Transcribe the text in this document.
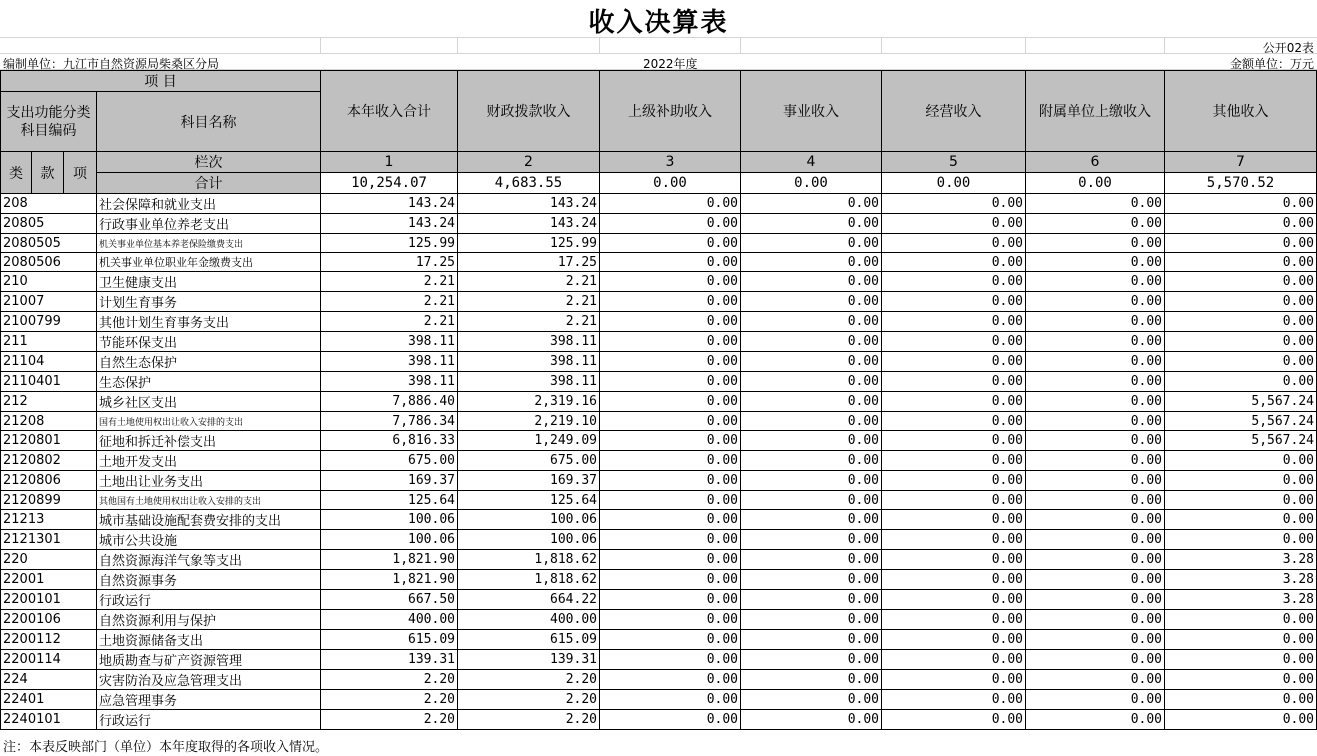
收入决算表
公开02表
编制单位：九江市自然资源局柴桑区分局	2022年度	金额单位：万元
项 目				本年收入合计	财政拨款收入	上级补助收入	事业收入	经营收入	附属单位上缴收入	其他收入
支出功能分类科目编码			科目名称							

类	款	项	栏次	1	2	3	4	5	6	7
			合计	10,254.07	4,683.55	0.00	0.00	0.00	0.00	5,570.52
208			社会保障和就业支出	143.24	143.24	0.00	0.00	0.00	0.00	0.00
20805			行政事业单位养老支出	143.24	143.24	0.00	0.00	0.00	0.00	0.00
2080505			机关事业单位基本养老保险缴费支出	125.99	125.99	0.00	0.00	0.00	0.00	0.00
2080506			机关事业单位职业年金缴费支出	17.25	17.25	0.00	0.00	0.00	0.00	0.00
210			卫生健康支出	2.21	2.21	0.00	0.00	0.00	0.00	0.00
21007			计划生育事务	2.21	2.21	0.00	0.00	0.00	0.00	0.00
2100799			其他计划生育事务支出	2.21	2.21	0.00	0.00	0.00	0.00	0.00
211			节能环保支出	398.11	398.11	0.00	0.00	0.00	0.00	0.00
21104			自然生态保护	398.11	398.11	0.00	0.00	0.00	0.00	0.00
2110401			生态保护	398.11	398.11	0.00	0.00	0.00	0.00	0.00
212			城乡社区支出	7,886.40	2,319.16	0.00	0.00	0.00	0.00	5,567.24
21208			国有土地使用权出让收入安排的支出	7,786.34	2,219.10	0.00	0.00	0.00	0.00	5,567.24
2120801			征地和拆迁补偿支出	6,816.33	1,249.09	0.00	0.00	0.00	0.00	5,567.24
2120802			土地开发支出	675.00	675.00	0.00	0.00	0.00	0.00	0.00
2120806			土地出让业务支出	169.37	169.37	0.00	0.00	0.00	0.00	0.00
2120899			其他国有土地使用权出让收入安排的支出	125.64	125.64	0.00	0.00	0.00	0.00	0.00
21213			城市基础设施配套费安排的支出	100.06	100.06	0.00	0.00	0.00	0.00	0.00
2121301			城市公共设施	100.06	100.06	0.00	0.00	0.00	0.00	0.00
220			自然资源海洋气象等支出	1,821.90	1,818.62	0.00	0.00	0.00	0.00	3.28
22001			自然资源事务	1,821.90	1,818.62	0.00	0.00	0.00	0.00	3.28
2200101			行政运行	667.50	664.22	0.00	0.00	0.00	0.00	3.28
2200106			自然资源利用与保护	400.00	400.00	0.00	0.00	0.00	0.00	0.00
2200112			土地资源储备支出	615.09	615.09	0.00	0.00	0.00	0.00	0.00
2200114			地质勘查与矿产资源管理	139.31	139.31	0.00	0.00	0.00	0.00	0.00
224			灾害防治及应急管理支出	2.20	2.20	0.00	0.00	0.00	0.00	0.00
22401			应急管理事务	2.20	2.20	0.00	0.00	0.00	0.00	0.00
2240101			行政运行	2.20	2.20	0.00	0.00	0.00	0.00	0.00
注：本表反映部门（单位）本年度取得的各项收入情况。
